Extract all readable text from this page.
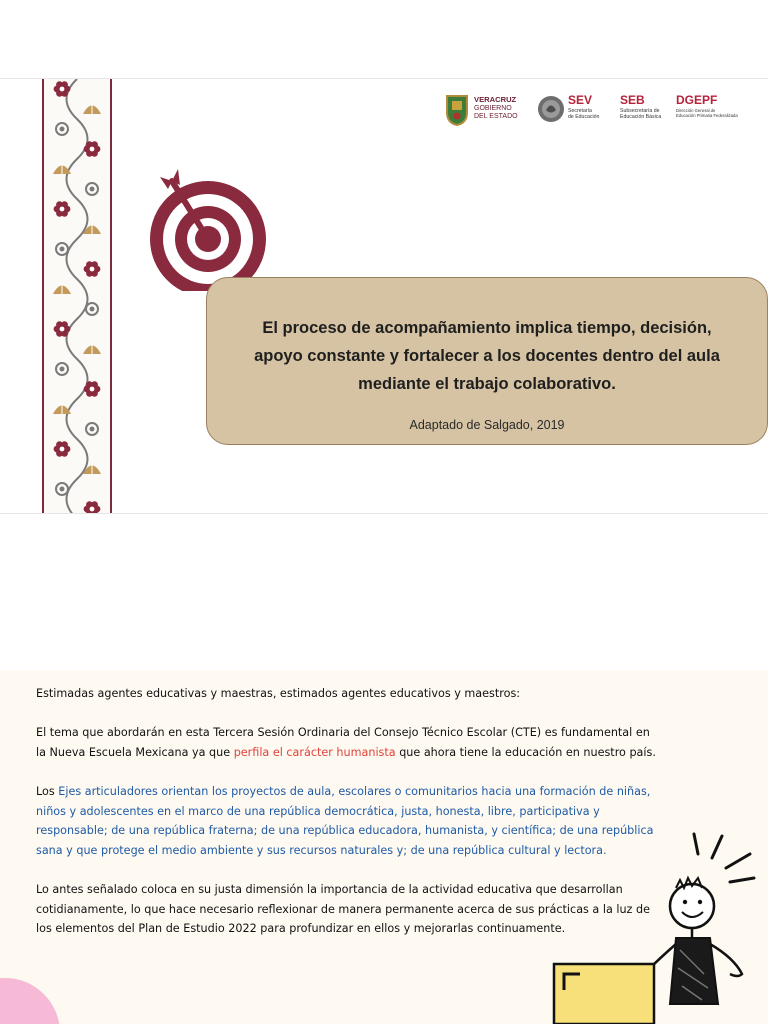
VERACRUZ
GOBIERNO
DEL ESTADO
SEV
Secretaría
de Educación
SEB
Subsecretaría de
Educación Básica
DGEPF
Dirección General de
Educación Primaria Federalizada
El proceso de acompañamiento implica tiempo, decisión,
apoyo constante y fortalecer a los docentes dentro del aula
mediante el trabajo colaborativo.
Adaptado de Salgado, 2019

Estimadas agentes educativas y maestras, estimados agentes educativos y maestros:

El tema que abordarán en esta Tercera Sesión Ordinaria del Consejo Técnico Escolar (CTE) es fundamental en la Nueva Escuela Mexicana ya que perfila el carácter humanista que ahora tiene la educación en nuestro país.

Los Ejes articuladores orientan los proyectos de aula, escolares o comunitarios hacia una formación de niñas, niños y adolescentes en el marco de una república democrática, justa, honesta, libre, participativa y responsable; de una república fraterna; de una república educadora, humanista, y científica; de una república sana y que protege el medio ambiente y sus recursos naturales y; de una república cultural y lectora.

Lo antes señalado coloca en su justa dimensión la importancia de la actividad educativa que desarrollan cotidianamente, lo que hace necesario reflexionar de manera permanente acerca de sus prácticas a la luz de los elementos del Plan de Estudio 2022 para profundizar en ellos y mejorarlas continuamente.
